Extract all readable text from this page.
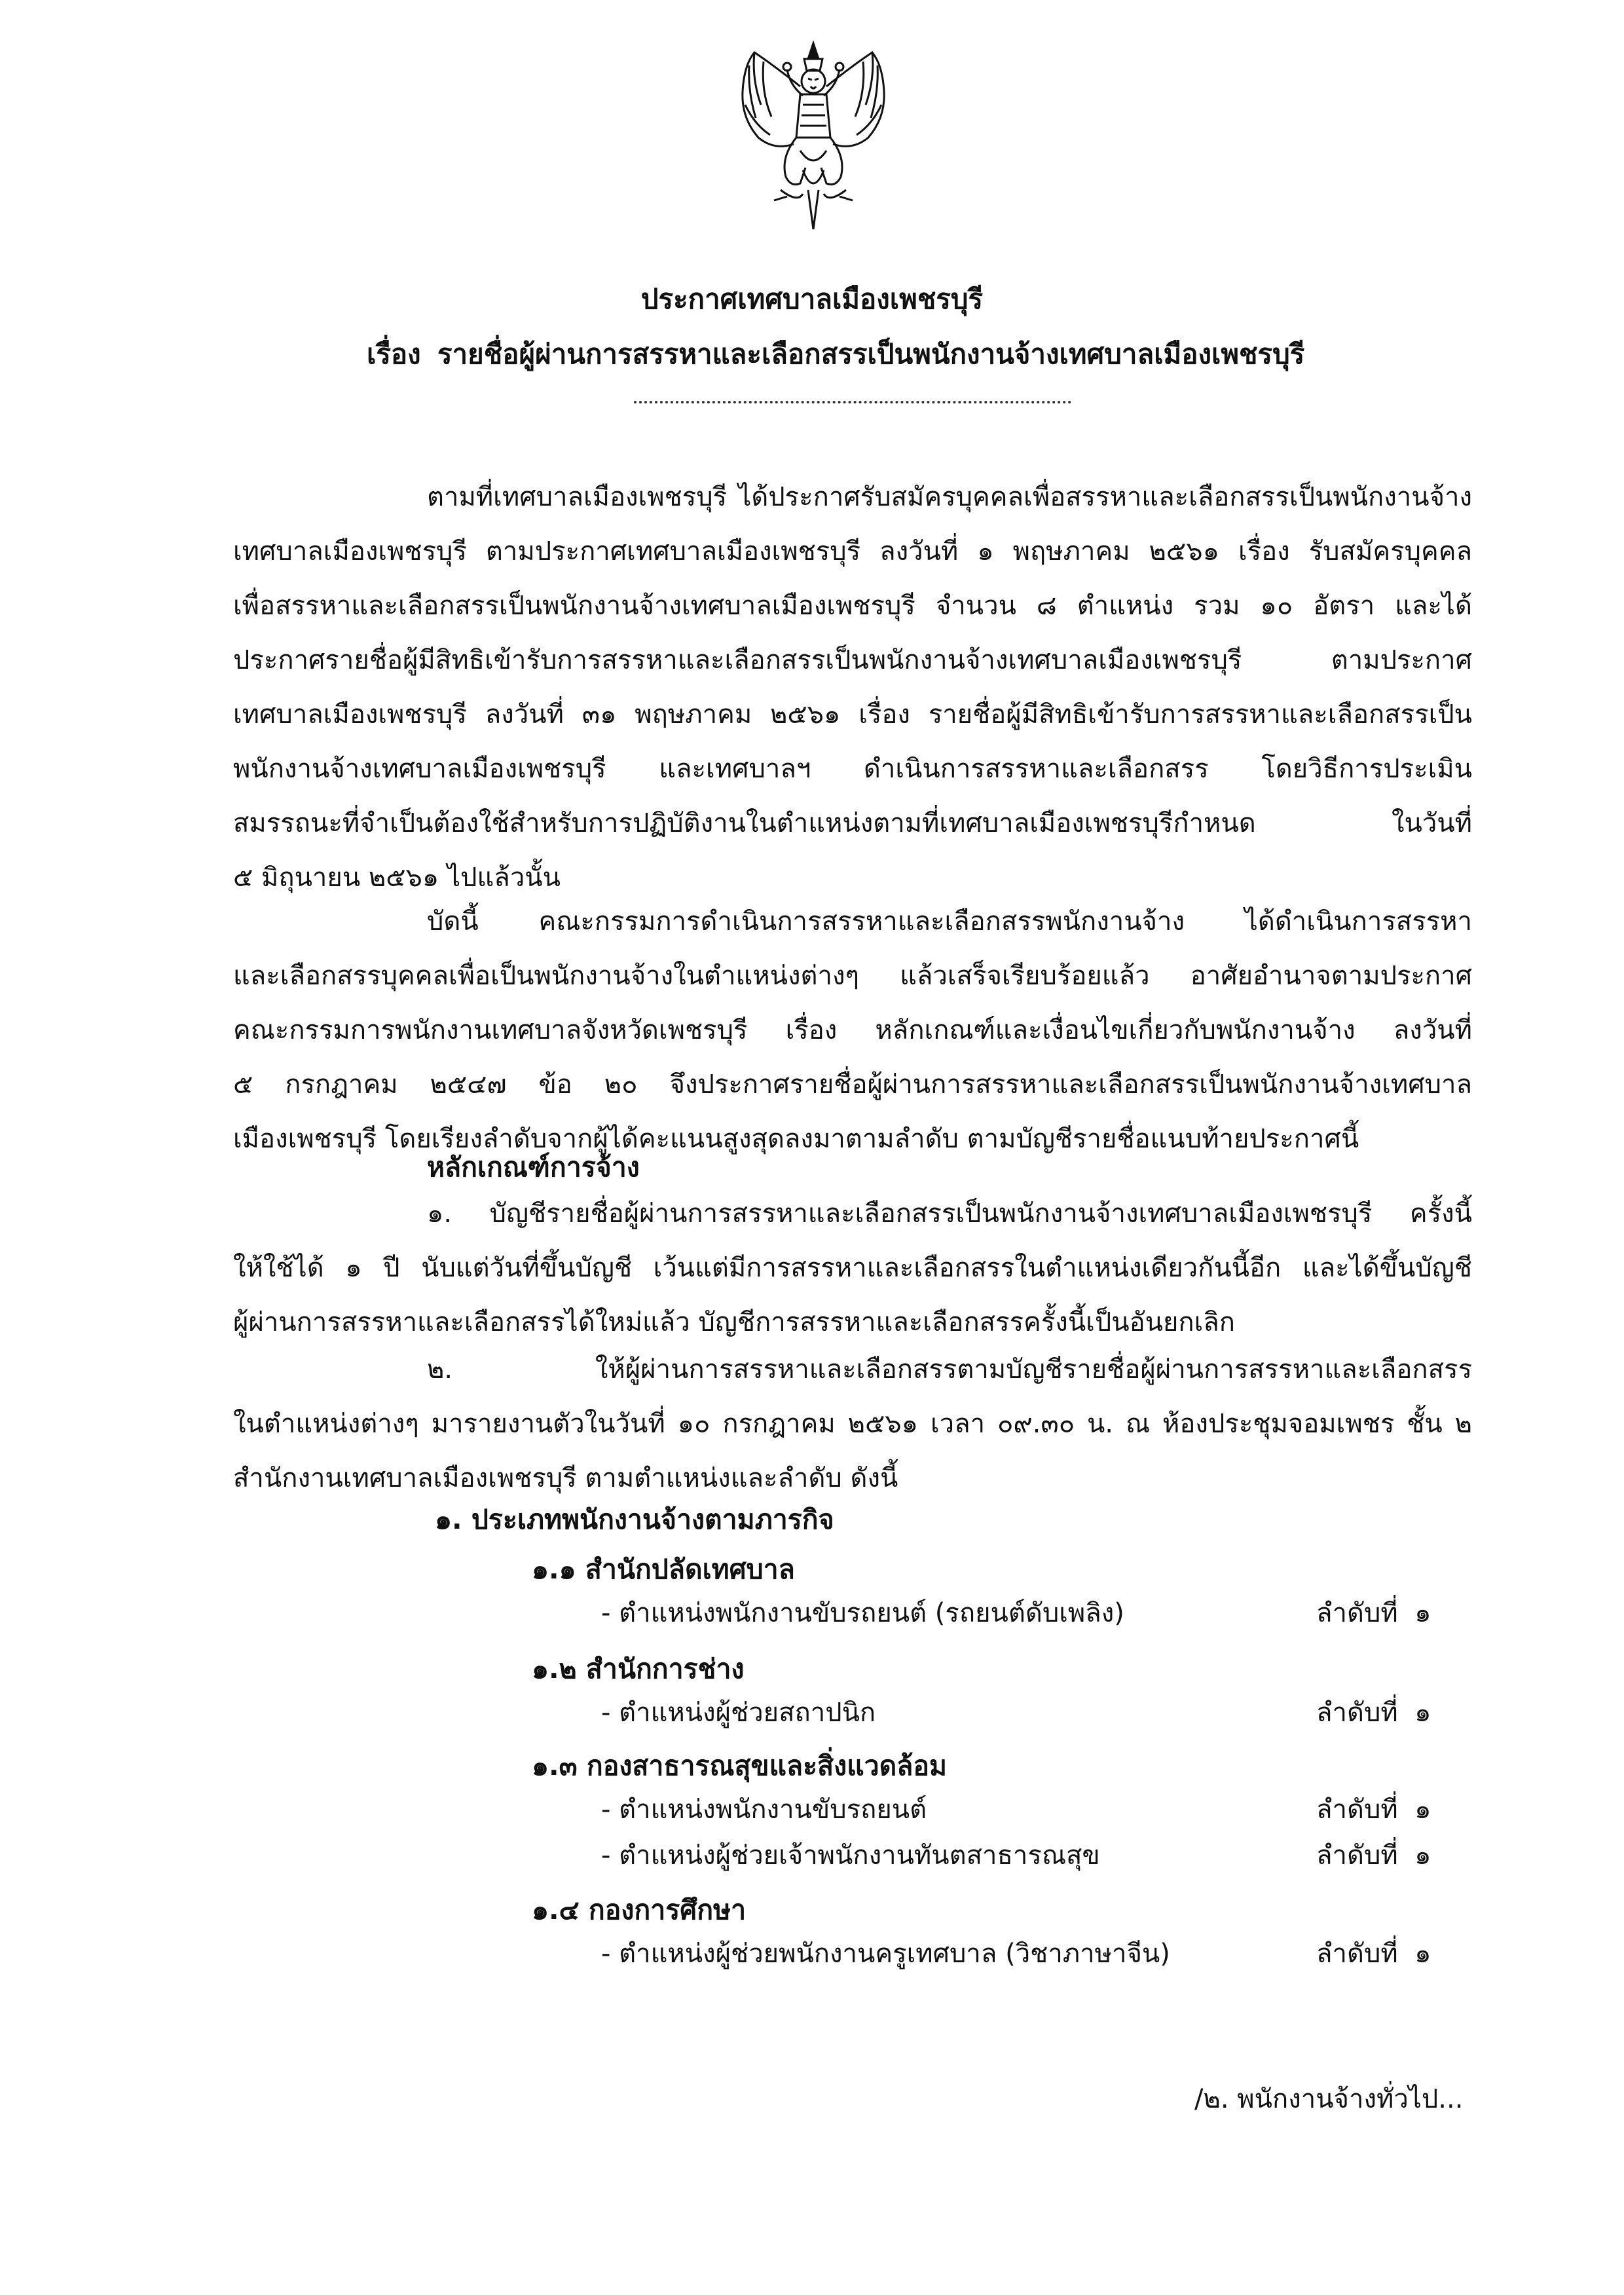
ประกาศเทศบาลเมืองเพชรบุรี
เรื่อง รายชื่อผู้ผ่านการสรรหาและเลือกสรรเป็นพนักงานจ้างเทศบาลเมืองเพชรบุรี
ตามที่เทศบาลเมืองเพชรบุรี ได้ประกาศรับสมัครบุคคลเพื่อสรรหาและเลือกสรรเป็นพนักงานจ้าง
เทศบาลเมืองเพชรบุรี ตามประกาศเทศบาลเมืองเพชรบุรี ลงวันที่ ๑ พฤษภาคม ๒๕๖๑ เรื่อง รับสมัครบุคคล
เพื่อสรรหาและเลือกสรรเป็นพนักงานจ้างเทศบาลเมืองเพชรบุรี จำนวน ๘ ตำแหน่ง รวม ๑๐ อัตรา และได้
ประกาศรายชื่อผู้มีสิทธิเข้ารับการสรรหาและเลือกสรรเป็นพนักงานจ้างเทศบาลเมืองเพชรบุรี ตามประกาศ
เทศบาลเมืองเพชรบุรี ลงวันที่ ๓๑ พฤษภาคม ๒๕๖๑ เรื่อง รายชื่อผู้มีสิทธิเข้ารับการสรรหาและเลือกสรรเป็น
พนักงานจ้างเทศบาลเมืองเพชรบุรี และเทศบาลฯ ดำเนินการสรรหาและเลือกสรร โดยวิธีการประเมิน
สมรรถนะที่จำเป็นต้องใช้สำหรับการปฏิบัติงานในตำแหน่งตามที่เทศบาลเมืองเพชรบุรีกำหนด ในวันที่
๕ มิถุนายน ๒๕๖๑ ไปแล้วนั้น
บัดนี้ คณะกรรมการดำเนินการสรรหาและเลือกสรรพนักงานจ้าง ได้ดำเนินการสรรหา
และเลือกสรรบุคคลเพื่อเป็นพนักงานจ้างในตำแหน่งต่างๆ แล้วเสร็จเรียบร้อยแล้ว อาศัยอำนาจตามประกาศ
คณะกรรมการพนักงานเทศบาลจังหวัดเพชรบุรี เรื่อง หลักเกณฑ์และเงื่อนไขเกี่ยวกับพนักงานจ้าง ลงวันที่
๕ กรกฎาคม ๒๕๔๗ ข้อ ๒๐ จึงประกาศรายชื่อผู้ผ่านการสรรหาและเลือกสรรเป็นพนักงานจ้างเทศบาล
เมืองเพชรบุรี โดยเรียงลำดับจากผู้ได้คะแนนสูงสุดลงมาตามลำดับ ตามบัญชีรายชื่อแนบท้ายประกาศนี้
หลักเกณฑ์การจ้าง
๑. บัญชีรายชื่อผู้ผ่านการสรรหาและเลือกสรรเป็นพนักงานจ้างเทศบาลเมืองเพชรบุรี ครั้งนี้
ให้ใช้ได้ ๑ ปี นับแต่วันที่ขึ้นบัญชี เว้นแต่มีการสรรหาและเลือกสรรในตำแหน่งเดียวกันนี้อีก และได้ขึ้นบัญชี
ผู้ผ่านการสรรหาและเลือกสรรได้ใหม่แล้ว บัญชีการสรรหาและเลือกสรรครั้งนี้เป็นอันยกเลิก
๒. ให้ผู้ผ่านการสรรหาและเลือกสรรตามบัญชีรายชื่อผู้ผ่านการสรรหาและเลือกสรร
ในตำแหน่งต่างๆ มารายงานตัวในวันที่ ๑๐ กรกฎาคม ๒๕๖๑ เวลา ๐๙.๓๐ น. ณ ห้องประชุมจอมเพชร ชั้น ๒
สำนักงานเทศบาลเมืองเพชรบุรี ตามตำแหน่งและลำดับ ดังนี้
๑. ประเภทพนักงานจ้างตามภารกิจ
๑.๑ สำนักปลัดเทศบาล
- ตำแหน่งพนักงานขับรถยนต์ (รถยนต์ดับเพลิง)	ลำดับที่ ๑
๑.๒ สำนักการช่าง
- ตำแหน่งผู้ช่วยสถาปนิก	ลำดับที่ ๑
๑.๓ กองสาธารณสุขและสิ่งแวดล้อม
- ตำแหน่งพนักงานขับรถยนต์	ลำดับที่ ๑
- ตำแหน่งผู้ช่วยเจ้าพนักงานทันตสาธารณสุข	ลำดับที่ ๑
๑.๔ กองการศึกษา
- ตำแหน่งผู้ช่วยพนักงานครูเทศบาล (วิชาภาษาจีน)	ลำดับที่ ๑
/๒. พนักงานจ้างทั่วไป...
